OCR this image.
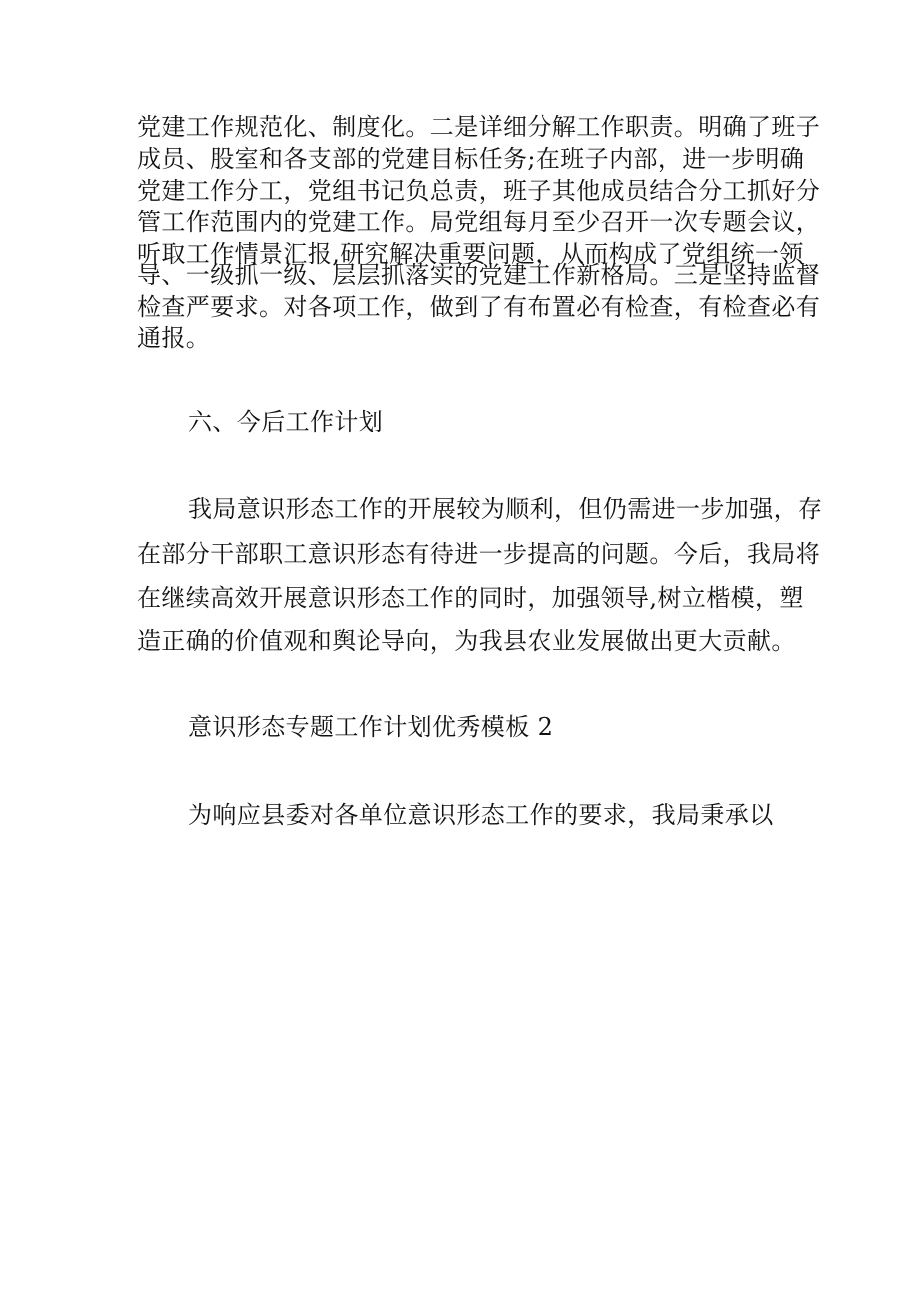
党建工作规范化、制度化。二是详细分解工作职责。明确了班子
成员、股室和各支部的党建目标任务;在班子内部，进一步明确
党建工作分工，党组书记负总责，班子其他成员结合分工抓好分
管工作范围内的党建工作。局党组每月至少召开一次专题会议，
听取工作情景汇报,研究解决重要问题，从而构成了党组统一领
导、一级抓一级、层层抓落实的党建工作新格局。三是坚持监督
检查严要求。对各项工作，做到了有布置必有检查，有检查必有
通报。
六、今后工作计划
我局意识形态工作的开展较为顺利，但仍需进一步加强，存
在部分干部职工意识形态有待进一步提高的问题。今后，我局将
在继续高效开展意识形态工作的同时，加强领导,树立楷模，塑
造正确的价值观和舆论导向，为我县农业发展做出更大贡献。
意识形态专题工作计划优秀模板 2
为响应县委对各单位意识形态工作的要求，我局秉承以
